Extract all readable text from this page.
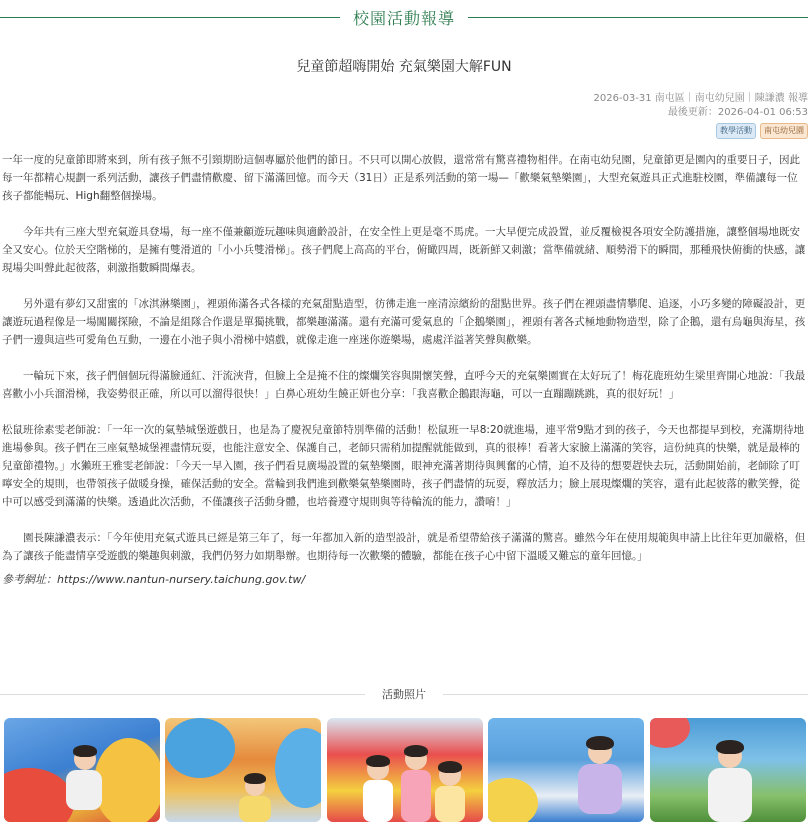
校園活動報導
兒童節超嗨開始 充氣樂園大解FUN
2026-03-31 南屯區｜南屯幼兒園｜陳謙濃 報導
最後更新：2026-04-01 06:53
教學活動	南屯幼兒園

一年一度的兒童節即將來到，所有孩子無不引頸期盼這個專屬於他們的節日。不只可以開心放假，還常常有驚喜禮物相伴。在南屯幼兒園，兒童節更是園內的重要日子，因此每一年都精心規劃一系列活動，讓孩子們盡情歡慶、留下滿滿回憶。而今天（31日）正是系列活動的第一場—「歡樂氣墊樂園」，大型充氣遊具正式進駐校園，準備讓每一位孩子都能暢玩、High翻整個操場。

今年共有三座大型充氣遊具登場，每一座不僅兼顧遊玩趣味與適齡設計，在安全性上更是毫不馬虎。一大早便完成設置，並反覆檢視各項安全防護措施，讓整個場地既安全又安心。位於天空階梯的，是擁有雙滑道的「小小兵雙滑梯」。孩子們爬上高高的平台，俯瞰四周，既新鮮又刺激；當準備就緒、順勢滑下的瞬間，那種飛快俯衝的快感，讓現場尖叫聲此起彼落，刺激指數瞬間爆表。

另外還有夢幻又甜蜜的「冰淇淋樂園」，裡頭佈滿各式各樣的充氣甜點造型，彷彿走進一座清涼繽紛的甜點世界。孩子們在裡頭盡情攀爬、追逐，小巧多變的障礙設計，更讓遊玩過程像是一場闖關探險，不論是組隊合作還是單獨挑戰，都樂趣滿滿。還有充滿可愛氣息的「企鵝樂園」，裡頭有著各式極地動物造型，除了企鵝，還有烏龜與海星，孩子們一邊與這些可愛角色互動，一邊在小池子與小滑梯中嬉戲，就像走進一座迷你遊樂場，處處洋溢著笑聲與歡樂。

一輪玩下來，孩子們個個玩得滿臉通紅、汗流浹背，但臉上全是掩不住的燦爛笑容與開懷笑聲，直呼今天的充氣樂園實在太好玩了！梅花鹿班幼生梁里齊開心地說：「我最喜歡小小兵溜滑梯，我姿勢很正確，所以可以溜得很快！」白鼻心班幼生饒正妍也分享：「我喜歡企鵝跟海龜，可以一直蹦蹦跳跳，真的很好玩！」

松鼠班徐素雯老師說：「一年一次的氣墊城堡遊戲日，也是為了慶祝兒童節特別準備的活動！松鼠班一早8:20就進場，連平常9點才到的孩子，今天也都提早到校，充滿期待地進場參與。孩子們在三座氣墊城堡裡盡情玩耍，也能注意安全、保護自己，老師只需稍加提醒就能做到，真的很棒！看著大家臉上滿滿的笑容，這份純真的快樂，就是最棒的兒童節禮物。」水獺班王雅雯老師說：「今天一早入園，孩子們看見廣場設置的氣墊樂園，眼神充滿著期待與興奮的心情，迫不及待的想要趕快去玩，活動開始前，老師除了叮嚀安全的規則，也帶領孩子做暖身操，確保活動的安全。當輪到我們進到歡樂氣墊樂園時，孩子們盡情的玩耍，釋放活力；臉上展現燦爛的笑容，還有此起彼落的歡笑聲，從中可以感受到滿滿的快樂。透過此次活動，不僅讓孩子活動身體，也培養遵守規則與等待輪流的能力，讚唷！」

園長陳謙濃表示：「今年使用充氣式遊具已經是第三年了，每一年都加入新的造型設計，就是希望帶給孩子滿滿的驚喜。雖然今年在使用規範與申請上比往年更加嚴格，但為了讓孩子能盡情享受遊戲的樂趣與刺激，我們仍努力如期舉辦。也期待每一次歡樂的體驗，都能在孩子心中留下溫暖又難忘的童年回憶。」

參考網址：https://www.nantun-nursery.taichung.gov.tw/

活動照片
